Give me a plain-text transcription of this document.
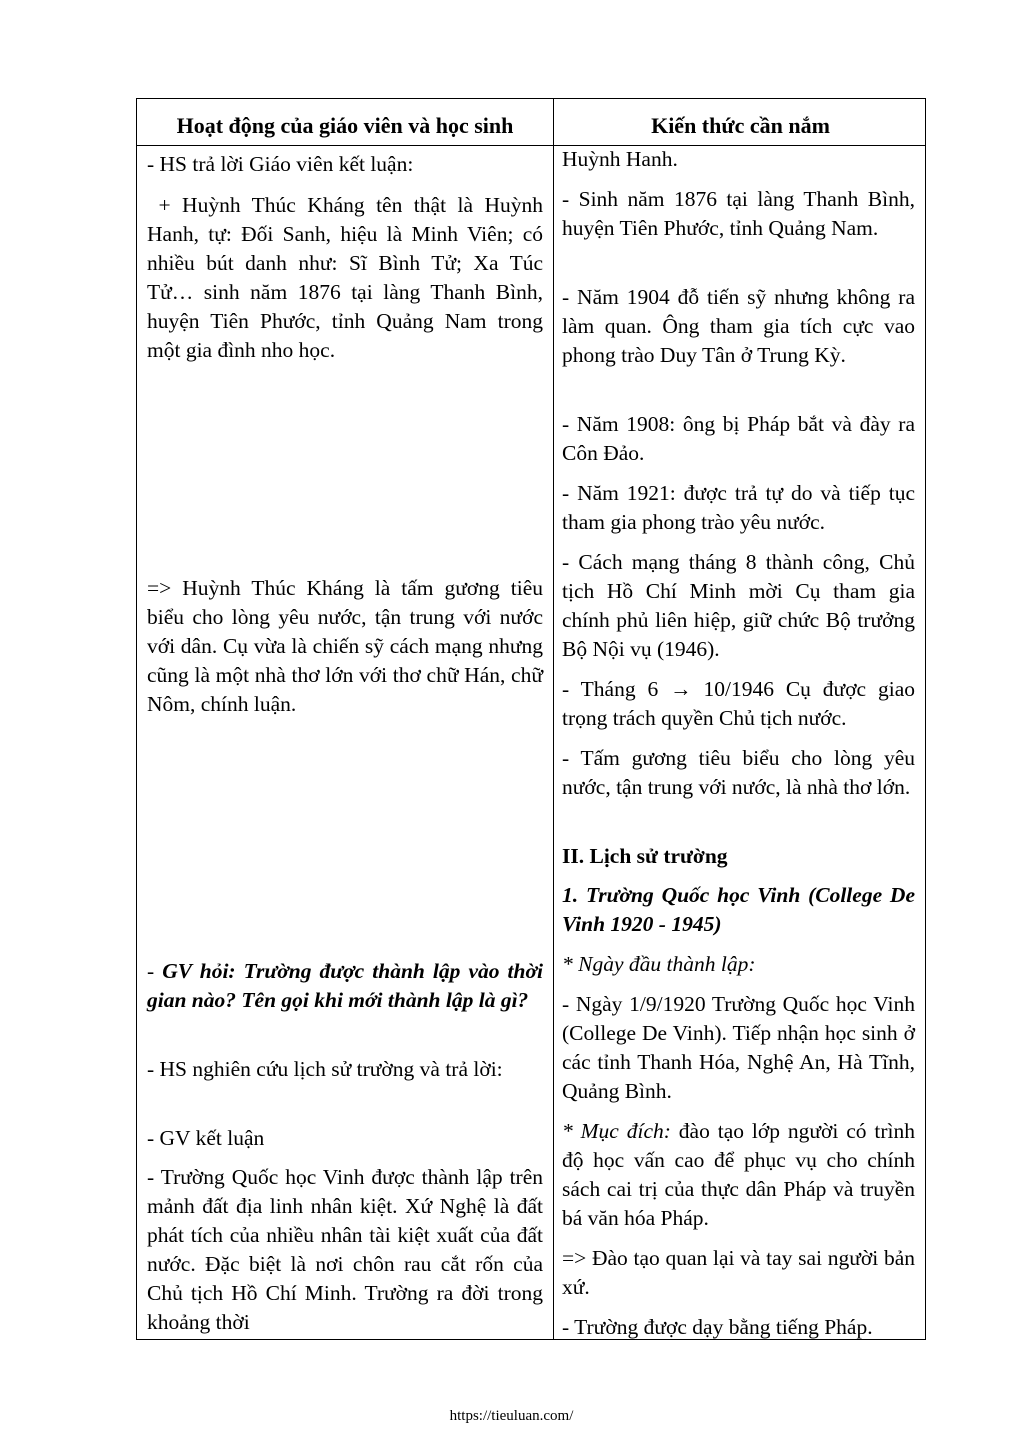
Hoạt động của giáo viên và học sinh	Kiến thức cần nắm

- HS trả lời Giáo viên kết luận:

+ Huỳnh Thúc Kháng tên thật là Huỳnh Hanh, tự: Đối Sanh, hiệu là Minh Viên; có nhiều bút danh như: Sĩ Bình Tử; Xa Túc Tử… sinh năm 1876 tại làng Thanh Bình, huyện Tiên Phước, tỉnh Quảng Nam trong một gia đình nho học.

=> Huỳnh Thúc Kháng là tấm gương tiêu biểu cho lòng yêu nước, tận trung với nước với dân. Cụ vừa là chiến sỹ cách mạng nhưng cũng là một nhà thơ lớn với thơ chữ Hán, chữ Nôm, chính luận.

- GV hỏi: Trường được thành lập vào thời gian nào? Tên gọi khi mới thành lập là gì?

- HS nghiên cứu lịch sử trường và trả lời:

- GV kết luận

- Trường Quốc học Vinh được thành lập trên mảnh đất địa linh nhân kiệt. Xứ Nghệ là đất phát tích của nhiều nhân tài kiệt xuất của đất nước. Đặc biệt là nơi chôn rau cắt rốn của Chủ tịch Hồ Chí Minh. Trường ra đời trong khoảng thời

Huỳnh Hanh.

- Sinh năm 1876 tại làng Thanh Bình, huyện Tiên Phước, tỉnh Quảng Nam.

- Năm 1904 đỗ tiến sỹ nhưng không ra làm quan. Ông tham gia tích cực vao phong trào Duy Tân ở Trung Kỳ.

- Năm 1908: ông bị Pháp bắt và đày ra Côn Đảo.

- Năm 1921: được trả tự do và tiếp tục tham gia phong trào yêu nước.

- Cách mạng tháng 8 thành công, Chủ tịch Hồ Chí Minh mời Cụ tham gia chính phủ liên hiệp, giữ chức Bộ trưởng Bộ Nội vụ (1946).

- Tháng 6 → 10/1946 Cụ được giao trọng trách quyền Chủ tịch nước.

- Tấm gương tiêu biểu cho lòng yêu nước, tận trung với nước, là nhà thơ lớn.

II. Lịch sử trường

1. Trường Quốc học Vinh (College De Vinh 1920 - 1945)

* Ngày đầu thành lập:

- Ngày 1/9/1920 Trường Quốc học Vinh (College De Vinh). Tiếp nhận học sinh ở các tỉnh Thanh Hóa, Nghệ An, Hà Tĩnh, Quảng Bình.

* Mục đích: đào tạo lớp người có trình độ học vấn cao để phục vụ cho chính sách cai trị của thực dân Pháp và truyền bá văn hóa Pháp.

=> Đào tạo quan lại và tay sai người bản xứ.

- Trường được dạy bằng tiếng Pháp.

https://tieuluan.com/
